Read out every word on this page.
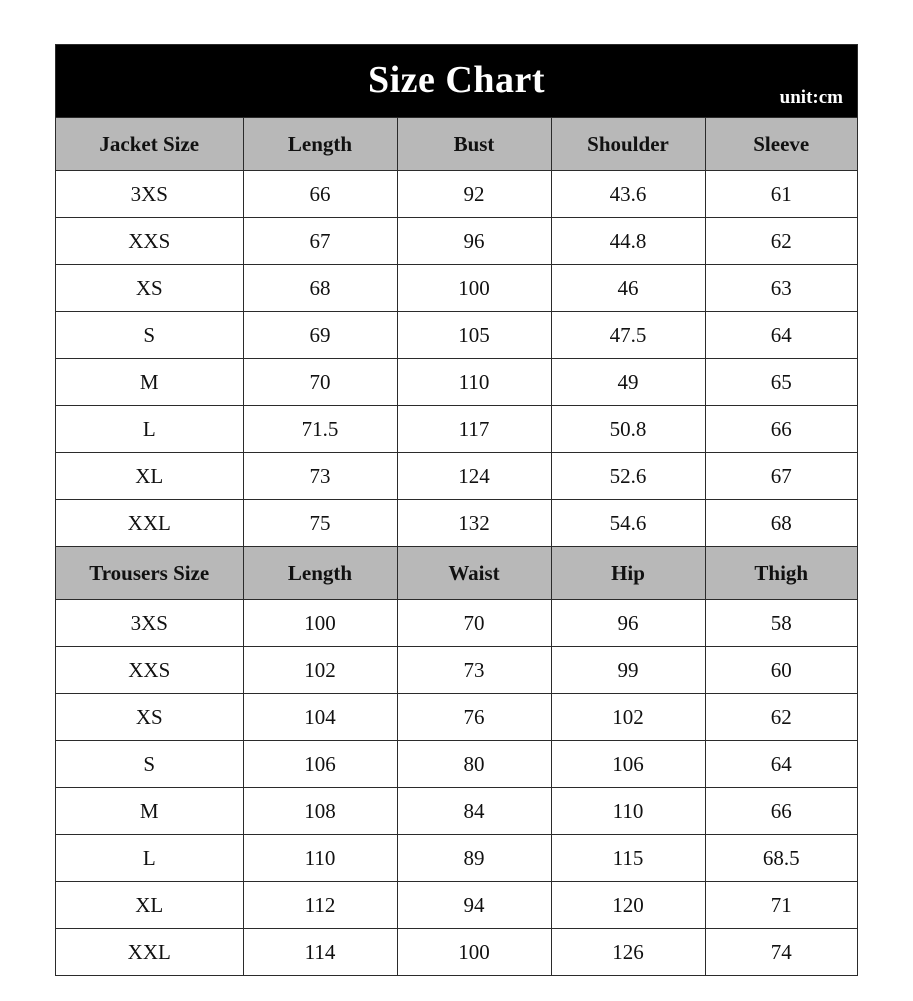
Size Chart	unit:cm
Jacket Size	Length	Bust	Shoulder	Sleeve
3XS	66	92	43.6	61
XXS	67	96	44.8	62
XS	68	100	46	63
S	69	105	47.5	64
M	70	110	49	65
L	71.5	117	50.8	66
XL	73	124	52.6	67
XXL	75	132	54.6	68
Trousers Size	Length	Waist	Hip	Thigh
3XS	100	70	96	58
XXS	102	73	99	60
XS	104	76	102	62
S	106	80	106	64
M	108	84	110	66
L	110	89	115	68.5
XL	112	94	120	71
XXL	114	100	126	74
